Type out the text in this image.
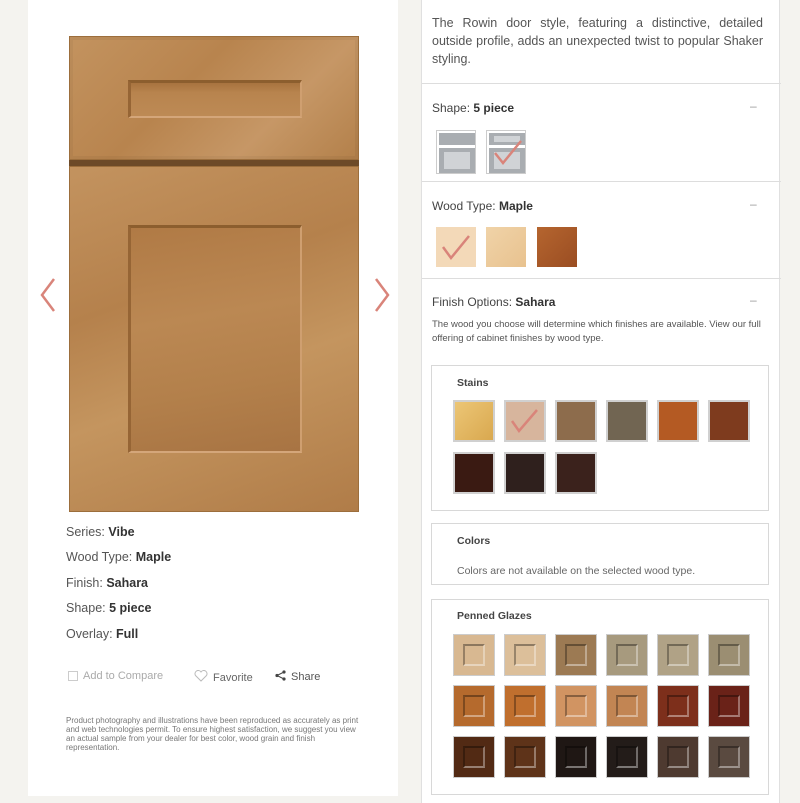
Series: Vibe
Wood Type: Maple
Finish: Sahara
Shape: 5 piece
Overlay: Full
Add to Compare	Favorite	Share
Product photography and illustrations have been reproduced as accurately as print and web technologies permit. To ensure highest satisfaction, we suggest you view an actual sample from your dealer for best color, wood grain and finish representation.
The Rowin door style, featuring a distinctive, detailed outside profile, adds an unexpected twist to popular Shaker styling.
Shape: 5 piece	–
Wood Type: Maple	–
Finish Options: Sahara	–
The wood you choose will determine which finishes are available. View our full offering of cabinet finishes by wood type.
Stains
Colors
Colors are not available on the selected wood type.
Penned Glazes
